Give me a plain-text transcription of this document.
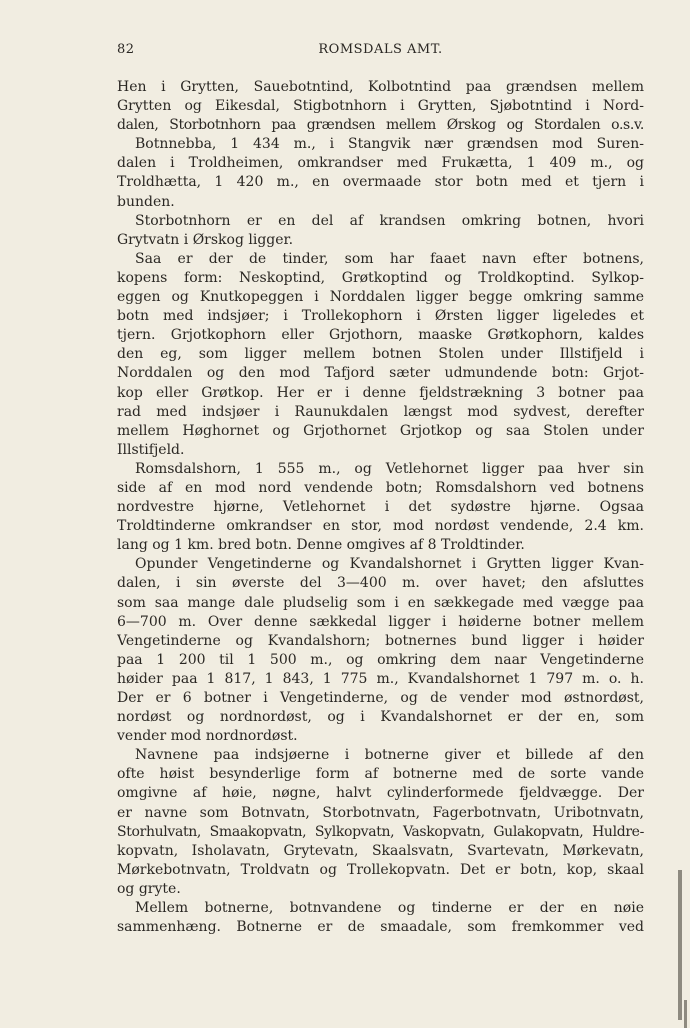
82	ROMSDALS AMT.
Hen i Grytten, Sauebotntind, Kolbotntind paa grændsen mellem
Grytten og Eikesdal, Stigbotnhorn i Grytten, Sjøbotntind i Nord-
dalen, Storbotnhorn paa grændsen mellem Ørskog og Stordalen o.s.v.
Botnnebba, 1 434 m., i Stangvik nær grændsen mod Suren-
dalen i Troldheimen, omkrandser med Frukætta, 1 409 m., og
Troldhætta, 1 420 m., en overmaade stor botn med et tjern i
bunden.
Storbotnhorn er en del af krandsen omkring botnen, hvori
Grytvatn i Ørskog ligger.
Saa er der de tinder, som har faaet navn efter botnens,
kopens form: Neskoptind, Grøtkoptind og Troldkoptind. Sylkop-
eggen og Knutkopeggen i Norddalen ligger begge omkring samme
botn med indsjøer; i Trollekophorn i Ørsten ligger ligeledes et
tjern. Grjotkophorn eller Grjothorn, maaske Grøtkophorn, kaldes
den eg, som ligger mellem botnen Stolen under Illstifjeld i
Norddalen og den mod Tafjord sæter udmundende botn: Grjot-
kop eller Grøtkop. Her er i denne fjeldstrækning 3 botner paa
rad med indsjøer i Raunukdalen længst mod sydvest, derefter
mellem Høghornet og Grjothornet Grjotkop og saa Stolen under
Illstifjeld.
Romsdalshorn, 1 555 m., og Vetlehornet ligger paa hver sin
side af en mod nord vendende botn; Romsdalshorn ved botnens
nordvestre hjørne, Vetlehornet i det sydøstre hjørne. Ogsaa
Troldtinderne omkrandser en stor, mod nordøst vendende, 2.4 km.
lang og 1 km. bred botn. Denne omgives af 8 Troldtinder.
Opunder Vengetinderne og Kvandalshornet i Grytten ligger Kvan-
dalen, i sin øverste del 3—400 m. over havet; den afsluttes
som saa mange dale pludselig som i en sækkegade med vægge paa
6—700 m. Over denne sækkedal ligger i høiderne botner mellem
Vengetinderne og Kvandalshorn; botnernes bund ligger i høider
paa 1 200 til 1 500 m., og omkring dem naar Vengetinderne
høider paa 1 817, 1 843, 1 775 m., Kvandalshornet 1 797 m. o. h.
Der er 6 botner i Vengetinderne, og de vender mod østnordøst,
nordøst og nordnordøst, og i Kvandalshornet er der en, som
vender mod nordnordøst.
Navnene paa indsjøerne i botnerne giver et billede af den
ofte høist besynderlige form af botnerne med de sorte vande
omgivne af høie, nøgne, halvt cylinderformede fjeldvægge. Der
er navne som Botnvatn, Storbotnvatn, Fagerbotnvatn, Uribotnvatn,
Storhulvatn, Smaakopvatn, Sylkopvatn, Vaskopvatn, Gulakopvatn, Huldre-
kopvatn, Isholavatn, Grytevatn, Skaalsvatn, Svartevatn, Mørkevatn,
Mørkebotnvatn, Troldvatn og Trollekopvatn. Det er botn, kop, skaal
og gryte.
Mellem botnerne, botnvandene og tinderne er der en nøie
sammenhæng. Botnerne er de smaadale, som fremkommer ved
